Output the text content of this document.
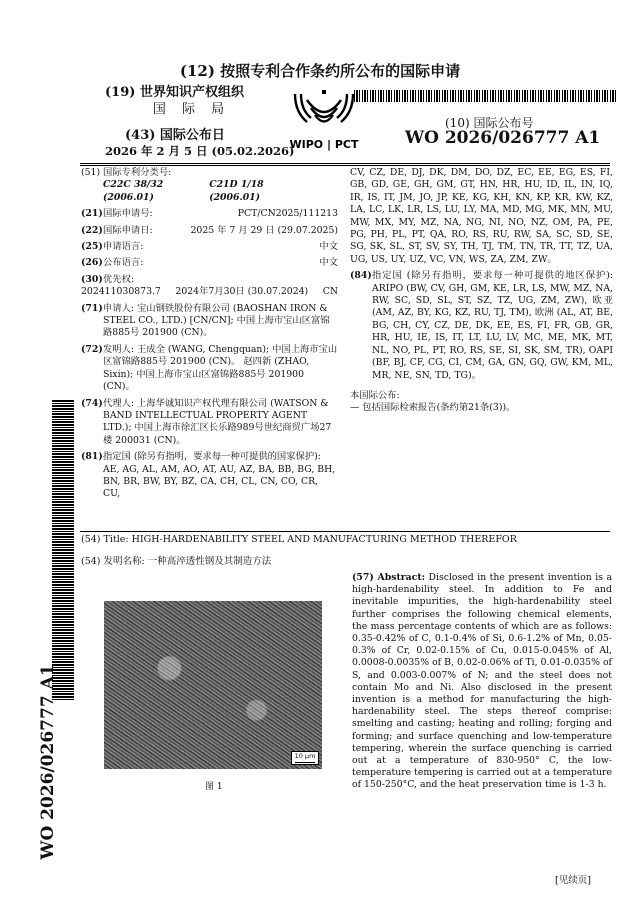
(12) 按照专利合作条约所公布的国际申请
(19) 世界知识产权组织
国 际 局
(43) 国际公布日
2026 年 2 月 5 日 (05.02.2026)
WIPO | PCT
(10) 国际公布号
WO 2026/026777 A1
(51) 国际专利分类号:
C22C 38/32 (2006.01)
C21D 1/18 (2006.01)
(21) 国际申请号:	PCT/CN2025/111213
(22) 国际申请日:	2025 年 7 月 29 日 (29.07.2025)
(25) 申请语言:	中文
(26) 公布语言:	中文
(30) 优先权:
202411030873.7 2024年7月30日 (30.07.2024) CN
(71) 申请人: 宝山钢铁股份有限公司 (BAOSHAN IRON & STEEL CO., LTD.) [CN/CN]; 中国上海市宝山区富锦路885号 201900 (CN)。
(72) 发明人: 王成全 (WANG, Chengquan); 中国上海市宝山区富锦路885号 201900 (CN)。 赵四新 (ZHAO, Sixin); 中国上海市宝山区富锦路885号 201900 (CN)。
(74) 代理人: 上海华诚知识产权代理有限公司 (WATSON & BAND INTELLECTUAL PROPERTY AGENT LTD.); 中国上海市徐汇区长乐路989号世纪商贸广场27楼 200031 (CN)。
(81) 指定国 (除另有指明，要求每一种可提供的国家保护): AE, AG, AL, AM, AO, AT, AU, AZ, BA, BB, BG, BH, BN, BR, BW, BY, BZ, CA, CH, CL, CN, CO, CR, CU,
CV, CZ, DE, DJ, DK, DM, DO, DZ, EC, EE, EG, ES, FI, GB, GD, GE, GH, GM, GT, HN, HR, HU, ID, IL, IN, IQ, IR, IS, IT, JM, JO, JP, KE, KG, KH, KN, KP, KR, KW, KZ, LA, LC, LK, LR, LS, LU, LY, MA, MD, MG, MK, MN, MU, MW, MX, MY, MZ, NA, NG, NI, NO, NZ, OM, PA, PE, PG, PH, PL, PT, QA, RO, RS, RU, RW, SA, SC, SD, SE, SG, SK, SL, ST, SV, SY, TH, TJ, TM, TN, TR, TT, TZ, UA, UG, US, UY, UZ, VC, VN, WS, ZA, ZM, ZW。
(84) 指定国 (除另有指明，要求每一种可提供的地区保护): ARIPO (BW, CV, GH, GM, KE, LR, LS, MW, MZ, NA, RW, SC, SD, SL, ST, SZ, TZ, UG, ZM, ZW), 欧亚 (AM, AZ, BY, KG, KZ, RU, TJ, TM), 欧洲 (AL, AT, BE, BG, CH, CY, CZ, DE, DK, EE, ES, FI, FR, GB, GR, HR, HU, IE, IS, IT, LT, LU, LV, MC, ME, MK, MT, NL, NO, PL, PT, RO, RS, SE, SI, SK, SM, TR), OAPI (BF, BJ, CF, CG, CI, CM, GA, GN, GQ, GW, KM, ML, MR, NE, SN, TD, TG)。
本国际公布:
— 包括国际检索报告(条约第21条(3))。
(54) Title: HIGH-HARDENABILITY STEEL AND MANUFACTURING METHOD THEREFOR
(54) 发明名称: 一种高淬透性钢及其制造方法
10 μm
图 1
(57) Abstract: Disclosed in the present invention is a high-hardenability steel. In addition to Fe and inevitable impurities, the high-hardenability steel further comprises the following chemical elements, the mass percentage contents of which are as follows: 0.35-0.42% of C, 0.1-0.4% of Si, 0.6-1.2% of Mn, 0.05-0.3% of Cr, 0.02-0.15% of Cu, 0.015-0.045% of Al, 0.0008-0.0035% of B, 0.02-0.06% of Ti, 0.01-0.035% of S, and 0.003-0.007% of N; and the steel does not contain Mo and Ni. Also disclosed in the present invention is a method for manufacturing the high-hardenability steel. The steps thereof comprise: smelting and casting; heating and rolling; forging and forming; and surface quenching and low-temperature tempering, wherein the surface quenching is carried out at a temperature of 830-950° C, the low-temperature tempering is carried out at a temperature of 150-250°C, and the heat preservation time is 1-3 h.
WO 2026/026777 A1
[见续页]
